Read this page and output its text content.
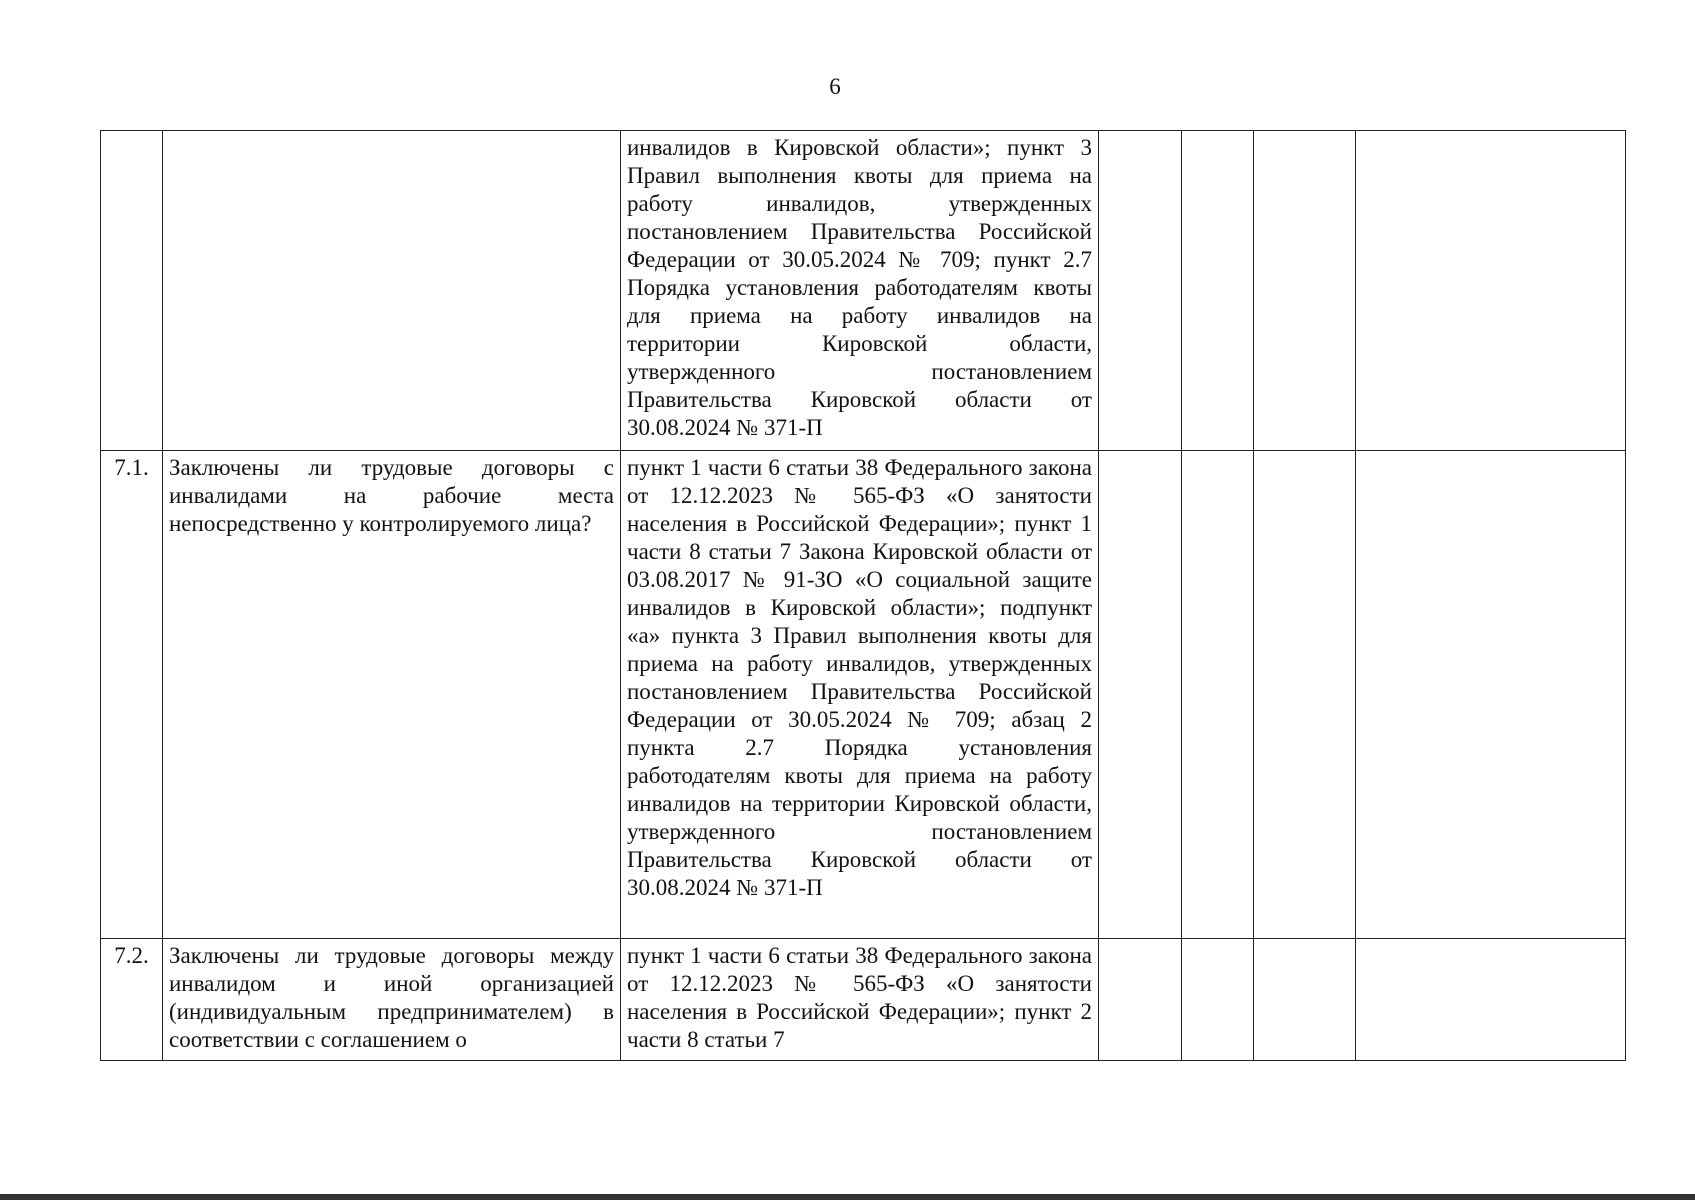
6
		инвалидов в Кировской области»; пункт 3 Правил выполнения квоты для приема на работу инвалидов, утвержденных постановлением Правительства Российской Федерации от 30.05.2024 № 709; пункт 2.7 Порядка установления работодателям квоты для приема на работу инвалидов на территории Кировской области, утвержденного постановлением Правительства Кировской области от 30.08.2024 № 371-П				
7.1.	Заключены ли трудовые договоры с инвалидами на рабочие места непосредственно у контролируемого лица?	пункт 1 части 6 статьи 38 Федерального закона от 12.12.2023 № 565-ФЗ «О занятости населения в Российской Федерации»; пункт 1 части 8 статьи 7 Закона Кировской области от 03.08.2017 № 91-ЗО «О социальной защите инвалидов в Кировской области»; подпункт «а» пункта 3 Правил выполнения квоты для приема на работу инвалидов, утвержденных постановлением Правительства Российской Федерации от 30.05.2024 № 709; абзац 2 пункта 2.7 Порядка установления работодателям квоты для приема на работу инвалидов на территории Кировской области, утвержденного постановлением Правительства Кировской области от 30.08.2024 № 371-П				
7.2.	Заключены ли трудовые договоры между инвалидом и иной организацией (индивидуальным предпринимателем) в соответствии с соглашением о	пункт 1 части 6 статьи 38 Федерального закона от 12.12.2023 № 565-ФЗ «О занятости населения в Российской Федерации»; пункт 2 части 8 статьи 7				
